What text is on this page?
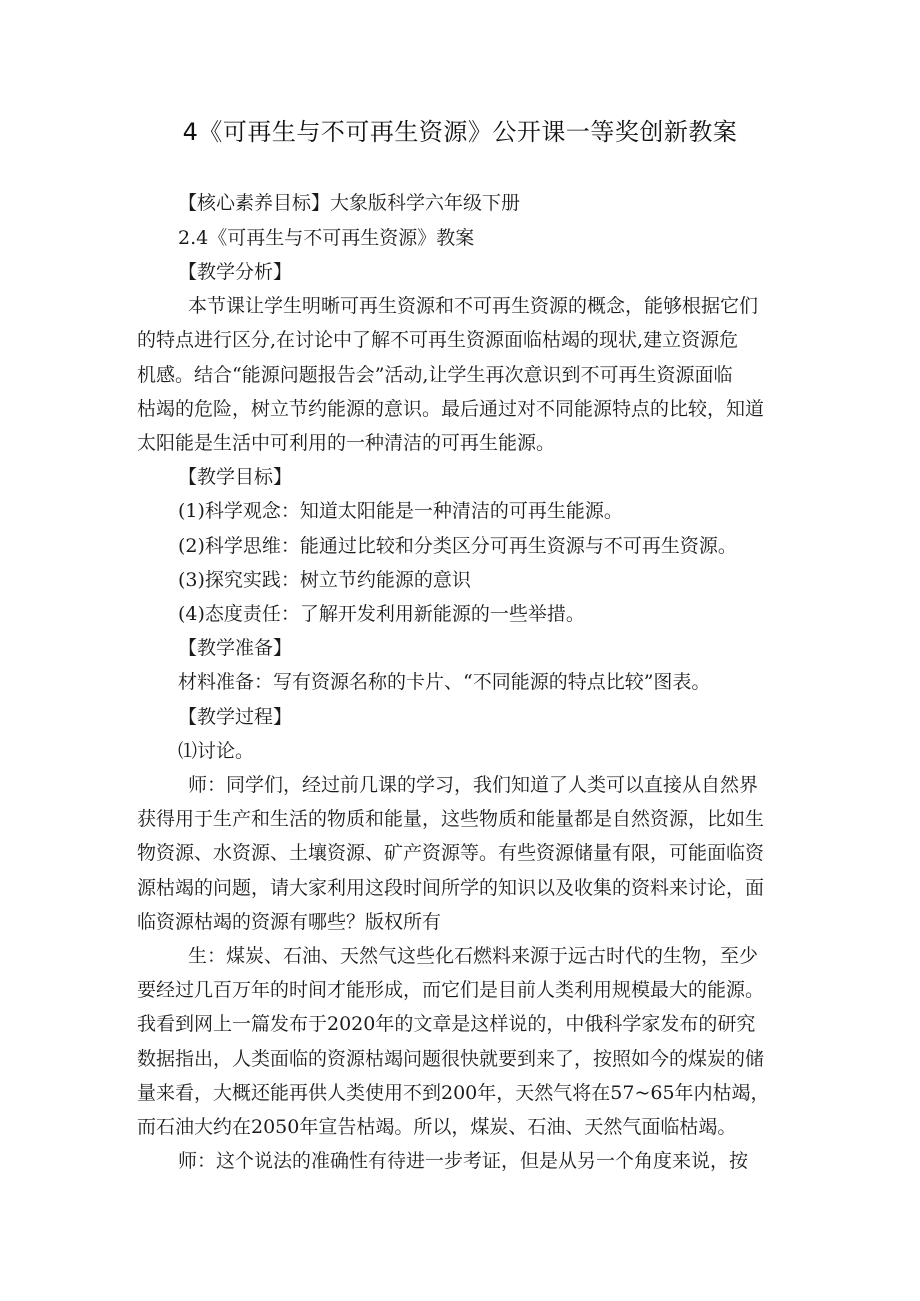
4《可再生与不可再生资源》公开课一等奖创新教案
【核心素养目标】大象版科学六年级下册
2.4《可再生与不可再生资源》教案
【教学分析】
本节课让学生明晰可再生资源和不可再生资源的概念，能够根据它们
的特点进行区分,在讨论中了解不可再生资源面临枯竭的现状,建立资源危
机感。结合“能源问题报告会”活动,让学生再次意识到不可再生资源面临
枯竭的危险，树立节约能源的意识。最后通过对不同能源特点的比较，知道
太阳能是生活中可利用的一种清洁的可再生能源。
【教学目标】
(1)科学观念：知道太阳能是一种清洁的可再生能源。
(2)科学思维：能通过比较和分类区分可再生资源与不可再生资源。
(3)探究实践：树立节约能源的意识
(4)态度责任：了解开发利用新能源的一些举措。
【教学准备】
材料准备：写有资源名称的卡片、“不同能源的特点比较”图表。
【教学过程】
⑴讨论。
师：同学们，经过前几课的学习，我们知道了人类可以直接从自然界
获得用于生产和生活的物质和能量，这些物质和能量都是自然资源，比如生
物资源、水资源、土壤资源、矿产资源等。有些资源储量有限，可能面临资
源枯竭的问题，请大家利用这段时间所学的知识以及收集的资料来讨论，面
临资源枯竭的资源有哪些？版权所有
生：煤炭、石油、天然气这些化石燃料来源于远古时代的生物，至少
要经过几百万年的时间才能形成，而它们是目前人类利用规模最大的能源。
我看到网上一篇发布于2020年的文章是这样说的，中俄科学家发布的研究
数据指出，人类面临的资源枯竭问题很快就要到来了，按照如今的煤炭的储
量来看，大概还能再供人类使用不到200年，天然气将在57~65年内枯竭，
而石油大约在2050年宣告枯竭。所以，煤炭、石油、天然气面临枯竭。
师：这个说法的准确性有待进一步考证，但是从另一个角度来说，按
